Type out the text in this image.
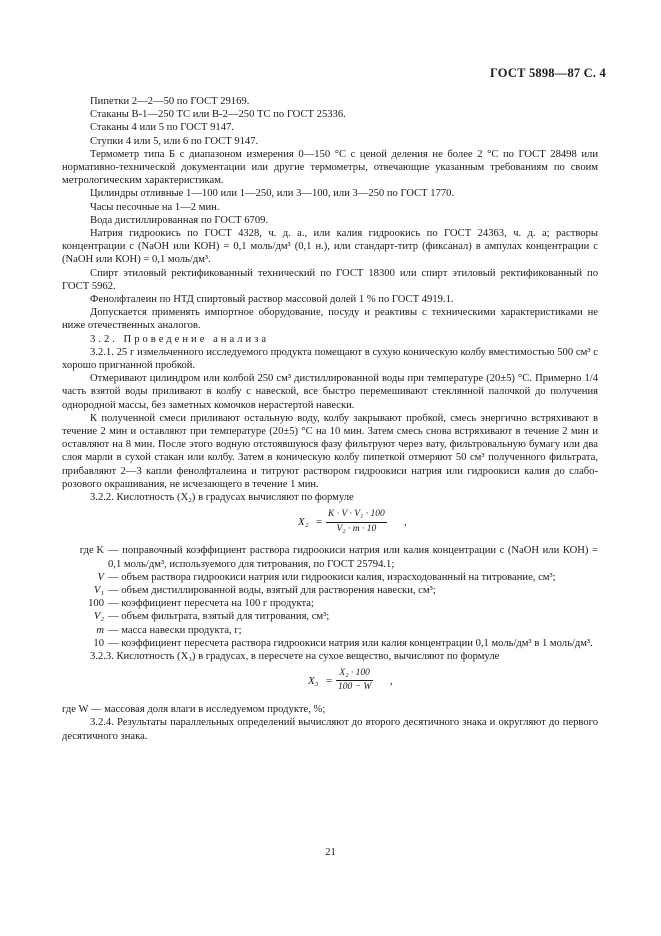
ГОСТ 5898—87 С. 4

Пипетки 2—2—50 по ГОСТ 29169.

Стаканы В-1—250 ТС или В-2—250 ТС по ГОСТ 25336.

Стаканы 4 или 5 по ГОСТ 9147.

Ступки 4 или 5, или 6 по ГОСТ 9147.

Термометр типа Б с диапазоном измерения 0—150 °С с ценой деления не более 2 °С по ГОСТ 28498 или нормативно-технической документации или другие термометры, отвечающие указанным требованиям по своим метрологическим характеристикам.

Цилиндры отливные 1—100 или 1—250, или 3—100, или 3—250 по ГОСТ 1770.

Часы песочные на 1—2 мин.

Вода дистиллированная по ГОСТ 6709.

Натрия гидроокись по ГОСТ 4328, ч. д. а., или калия гидроокись по ГОСТ 24363, ч. д. а; растворы концентрации с (NaOH или КОН) = 0,1 моль/дм³ (0,1 н.), или стандарт-титр (фиксанал) в ампулах концентрации с (NaOH или КОН) = 0,1 моль/дм³.

Спирт этиловый ректификованный технический по ГОСТ 18300 или спирт этиловый ректификованный по ГОСТ 5962.

Фенолфталеин по НТД спиртовый раствор массовой долей 1 % по ГОСТ 4919.1.

Допускается применять импортное оборудование, посуду и реактивы с техническими характеристиками не ниже отечественных аналогов.

3.2. Проведение анализа

3.2.1. 25 г измельченного исследуемого продукта помещают в сухую коническую колбу вместимостью 500 см³ с хорошо пригнанной пробкой.

Отмеривают цилиндром или колбой 250 см³ дистиллированной воды при температуре (20±5) °С. Примерно 1/4 часть взятой воды приливают в колбу с навеской, все быстро перемешивают стеклянной палочкой до получения однородной массы, без заметных комочков нерастертой навески.

К полученной смеси приливают остальную воду, колбу закрывают пробкой, смесь энергично встряхивают в течение 2 мин и оставляют при температуре (20±5) °С на 10 мин. Затем смесь снова встряхивают в течение 2 мин и оставляют на 8 мин. После этого водную отстоявшуюся фазу фильтруют через вату, фильтровальную бумагу или два слоя марли в сухой стакан или колбу. Затем в коническую колбу пипеткой отмеряют 50 см³ полученного фильтрата, прибавляют 2—3 капли фенолфталеина и титруют раствором гидроокиси натрия или гидроокиси калия до слабо-розового окрашивания, не исчезающего в течение 1 мин.

3.2.2. Кислотность (X₂) в градусах вычисляют по формуле

$X_2 = \frac{\text{K · V · V₁ · 100}}{\text{V₂ · m · 10}}$ ,
где K — поправочный коэффициент раствора гидроокиси натрия или калия концентрации с (NaOH или КОН) = 0,1 моль/дм³, используемого для титрования, по ГОСТ 25794.1;
V — объем раствора гидроокиси натрия или гидроокиси калия, израсходованный на титрование, см³;
V₁ — объем дистиллированной воды, взятый для растворения навески, см³;
100 — коэффициент пересчета на 100 г продукта;
V₂ — объем фильтрата, взятый для титрования, см³;
m — масса навески продукта, г;
10 — коэффициент пересчета раствора гидроокиси натрия или калия концентрации 0,1 моль/дм³ в 1 моль/дм³.

3.2.3. Кислотность (X₃) в градусах, в пересчете на сухое вещество, вычисляют по формуле

$X_3 = \frac{\text{X₂ · 100}}{100 - W}$ ,

где W — массовая доля влаги в исследуемом продукте, %;

3.2.4. Результаты параллельных определений вычисляют до второго десятичного знака и округляют до первого десятичного знака.

21
